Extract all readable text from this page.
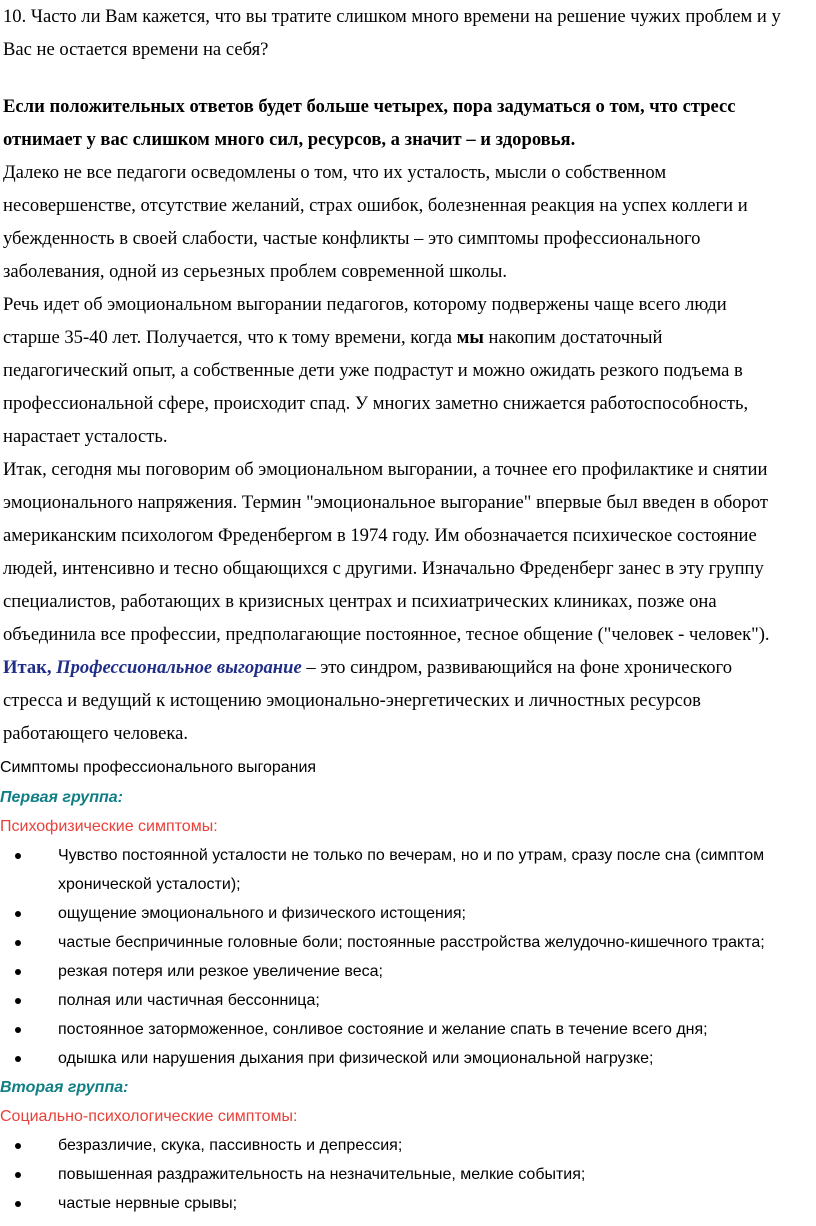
10. Часто ли Вам кажется, что вы тратите слишком много времени на решение чужих проблем и у

Вас не остается времени на себя?

Если положительных ответов будет больше четырех, пора задуматься о том, что стресс

отнимает у вас слишком много сил, ресурсов, а значит – и здоровья.

Далеко не все педагоги осведомлены о том, что их усталость, мысли о собственном

несовершенстве, отсутствие желаний, страх ошибок, болезненная реакция на успех коллеги и

убежденность в своей слабости, частые конфликты – это симптомы профессионального

заболевания, одной из серьезных проблем современной школы.

Речь идет об эмоциональном выгорании педагогов, которому подвержены чаще всего люди

старше 35-40 лет. Получается, что к тому времени, когда мы накопим достаточный

педагогический опыт, а собственные дети уже подрастут и можно ожидать резкого подъема в

профессиональной сфере, происходит спад. У многих заметно снижается работоспособность,

нарастает усталость.

Итак, сегодня мы поговорим об эмоциональном выгорании, а точнее его профилактике и снятии

эмоционального напряжения. Термин "эмоциональное выгорание" впервые был введен в оборот

американским психологом Фреденбергом в 1974 году. Им обозначается психическое состояние

людей, интенсивно и тесно общающихся с другими. Изначально Фреденберг занес в эту группу

специалистов, работающих в кризисных центрах и психиатрических клиниках, позже она

объединила все профессии, предполагающие постоянное, тесное общение ("человек - человек").

Итак, Профессиональное выгорание – это синдром, развивающийся на фоне хронического

стресса и ведущий к истощению эмоционально-энергетических и личностных ресурсов

работающего человека.

Симптомы профессионального выгорания

Первая группа:

Психофизические симптомы:

Чувство постоянной усталости не только по вечерам, но и по утрам, сразу после сна (симптом
хронической усталости);
ощущение эмоционального и физического истощения;
частые беспричинные головные боли; постоянные расстройства желудочно-кишечного тракта;
резкая потеря или резкое увеличение веса;
полная или частичная бессонница;
постоянное заторможенное, сонливое состояние и желание спать в течение всего дня;
одышка или нарушения дыхания при физической или эмоциональной нагрузке;

Вторая группа:

Социально-психологические симптомы:

безразличие, скука, пассивность и депрессия;
повышенная раздражительность на незначительные, мелкие события;
частые нервные срывы;
